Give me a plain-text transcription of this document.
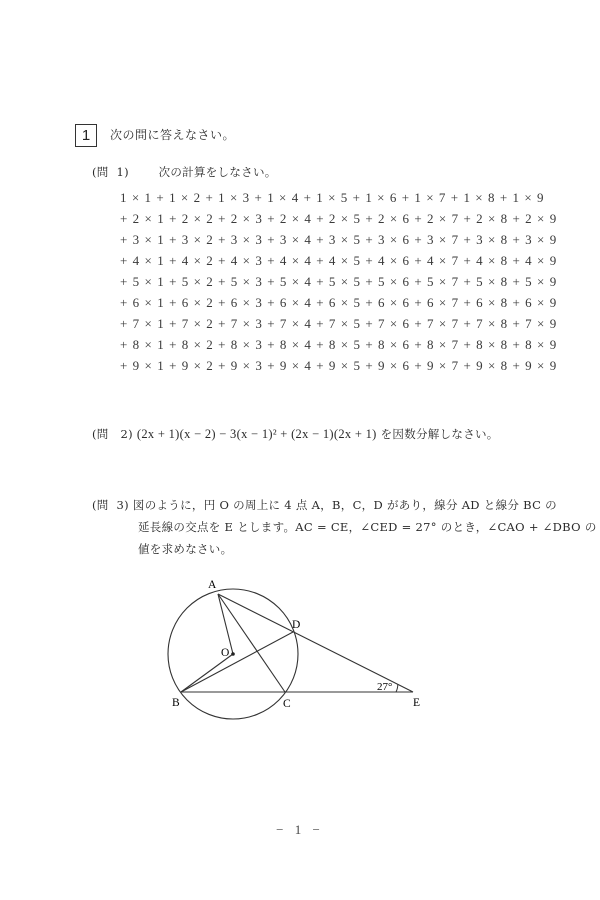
1	次の問に答えなさい。
(問 1)	次の計算をしなさい。
1 × 1 + 1 × 2 + 1 × 3 + 1 × 4 + 1 × 5 + 1 × 6 + 1 × 7 + 1 × 8 + 1 × 9
+ 2 × 1 + 2 × 2 + 2 × 3 + 2 × 4 + 2 × 5 + 2 × 6 + 2 × 7 + 2 × 8 + 2 × 9
+ 3 × 1 + 3 × 2 + 3 × 3 + 3 × 4 + 3 × 5 + 3 × 6 + 3 × 7 + 3 × 8 + 3 × 9
+ 4 × 1 + 4 × 2 + 4 × 3 + 4 × 4 + 4 × 5 + 4 × 6 + 4 × 7 + 4 × 8 + 4 × 9
+ 5 × 1 + 5 × 2 + 5 × 3 + 5 × 4 + 5 × 5 + 5 × 6 + 5 × 7 + 5 × 8 + 5 × 9
+ 6 × 1 + 6 × 2 + 6 × 3 + 6 × 4 + 6 × 5 + 6 × 6 + 6 × 7 + 6 × 8 + 6 × 9
+ 7 × 1 + 7 × 2 + 7 × 3 + 7 × 4 + 7 × 5 + 7 × 6 + 7 × 7 + 7 × 8 + 7 × 9
+ 8 × 1 + 8 × 2 + 8 × 3 + 8 × 4 + 8 × 5 + 8 × 6 + 8 × 7 + 8 × 8 + 8 × 9
+ 9 × 1 + 9 × 2 + 9 × 3 + 9 × 4 + 9 × 5 + 9 × 6 + 9 × 7 + 9 × 8 + 9 × 9
(問 2) (2x + 1)(x − 2) − 3(x − 1)² + (2x − 1)(2x + 1) を因数分解しなさい。
(問 3) 図のように，円 O の周上に 4 点 A，B，C，D があり，線分 AD と線分 BC の
延長線の交点を E とします。AC = CE，∠CED = 27° のとき，∠CAO + ∠DBO の
値を求めなさい。
A
B	C
D
E
O
27°
− 1 −
